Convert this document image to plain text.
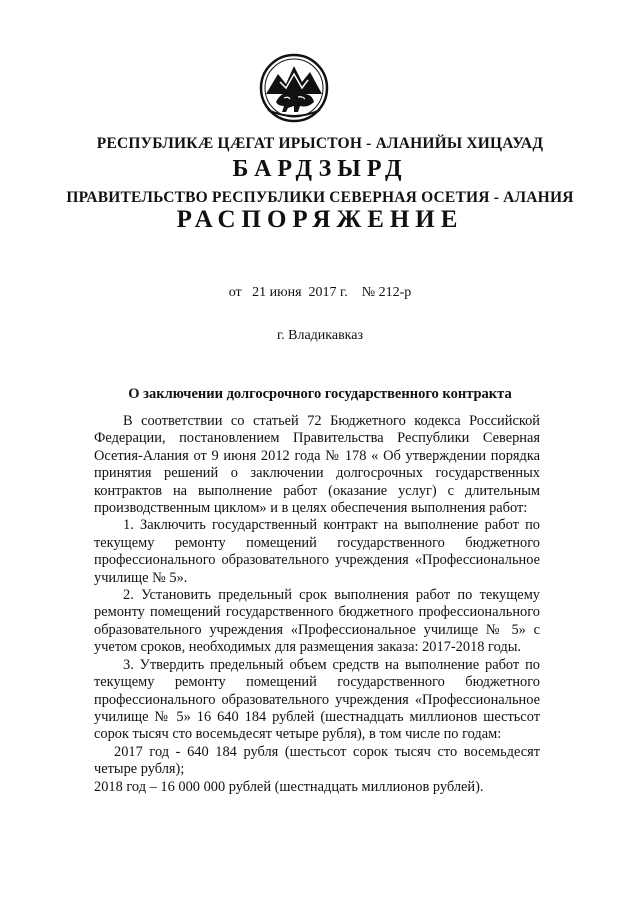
РЕСПУБЛИКÆ ЦÆГАТ ИРЫСТОН - АЛАНИЙЫ ХИЦАУАД
БАРДЗЫРД
ПРАВИТЕЛЬСТВО РЕСПУБЛИКИ СЕВЕРНАЯ ОСЕТИЯ - АЛАНИЯ
РАСПОРЯЖЕНИЕ
от 21 июня  2017 г. № 212-р
г. Владикавказ
О заключении долгосрочного государственного контракта

В соответствии со статьей 72 Бюджетного кодекса Российской Федерации, постановлением Правительства Республики Северная Осетия-Алания от 9 июня 2012 года № 178 « Об утверждении порядка принятия решений о заключении долгосрочных государственных контрактов на выполнение работ (оказание услуг) с длительным производственным циклом» и в целях обеспечения выполнения работ:

1. Заключить государственный контракт на выполнение работ по текущему ремонту помещений государственного бюджетного профессионального образовательного учреждения «Профессиональное училище № 5».

2. Установить предельный срок выполнения работ по текущему ремонту помещений государственного бюджетного профессионального образовательного учреждения «Профессиональное училище № 5» с учетом сроков, необходимых для размещения заказа: 2017-2018 годы.

3. Утвердить предельный объем средств на выполнение работ по текущему ремонту помещений государственного бюджетного профессионального образовательного учреждения «Профессиональное училище № 5» 16 640 184 рублей (шестнадцать миллионов шестьсот сорок тысяч сто восемьдесят четыре рубля), в том числе по годам:

2017 год - 640 184 рубля (шестьсот сорок тысяч сто восемьдесят четыре рубля);

2018 год – 16 000 000 рублей (шестнадцать миллионов рублей).
